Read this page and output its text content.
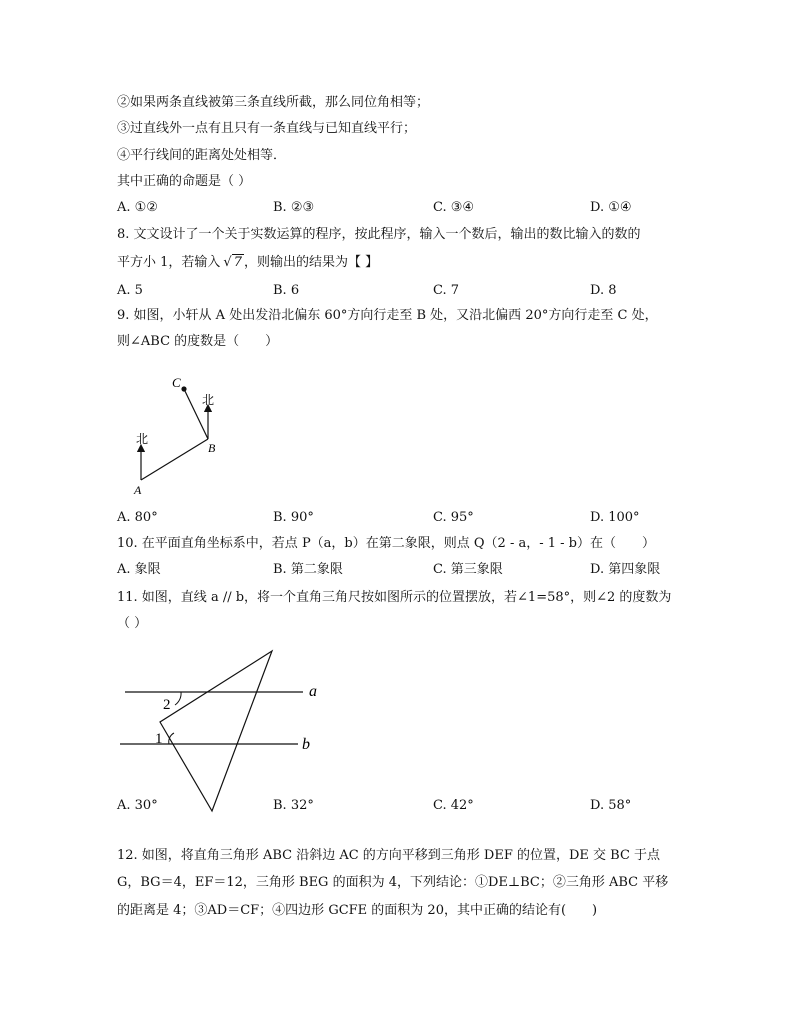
②如果两条直线被第三条直线所截，那么同位角相等；
③过直线外一点有且只有一条直线与已知直线平行；
④平行线间的距离处处相等．
其中正确的命题是（ ）
A. ①②	B. ②③	C. ③④	D. ①④
8. 文文设计了一个关于实数运算的程序，按此程序，输入一个数后，输出的数比输入的数的
平方小 1，若输入 √ 7 ，则输出的结果为【 】
A. 5	B. 6	C. 7	D. 8
9. 如图，小轩从 A 处出发沿北偏东 60°方向行走至 B 处，又沿北偏西 20°方向行走至 C 处，
则∠ABC 的度数是（　　）
C
B
A
北
北
A. 80°	B. 90°	C. 95°	D. 100°
10. 在平面直角坐标系中，若点 P（a，b）在第二象限，则点 Q（2 - a，- 1 - b）在（　　）
A. 象限	B. 第二象限	C. 第三象限	D. 第四象限
11. 如图，直线 a // b，将一个直角三角尺按如图所示的位置摆放，若∠1=58°，则∠2 的度数为
（ ）
2
1
a
b
A. 30°	B. 32°	C. 42°	D. 58°
12. 如图，将直角三角形 ABC 沿斜边 AC 的方向平移到三角形 DEF 的位置，DE 交 BC 于点
G，BG＝4，EF＝12，三角形 BEG 的面积为 4，下列结论：①DE⊥BC；②三角形 ABC 平移
的距离是 4；③AD＝CF；④四边形 GCFE 的面积为 20，其中正确的结论有(　　)
